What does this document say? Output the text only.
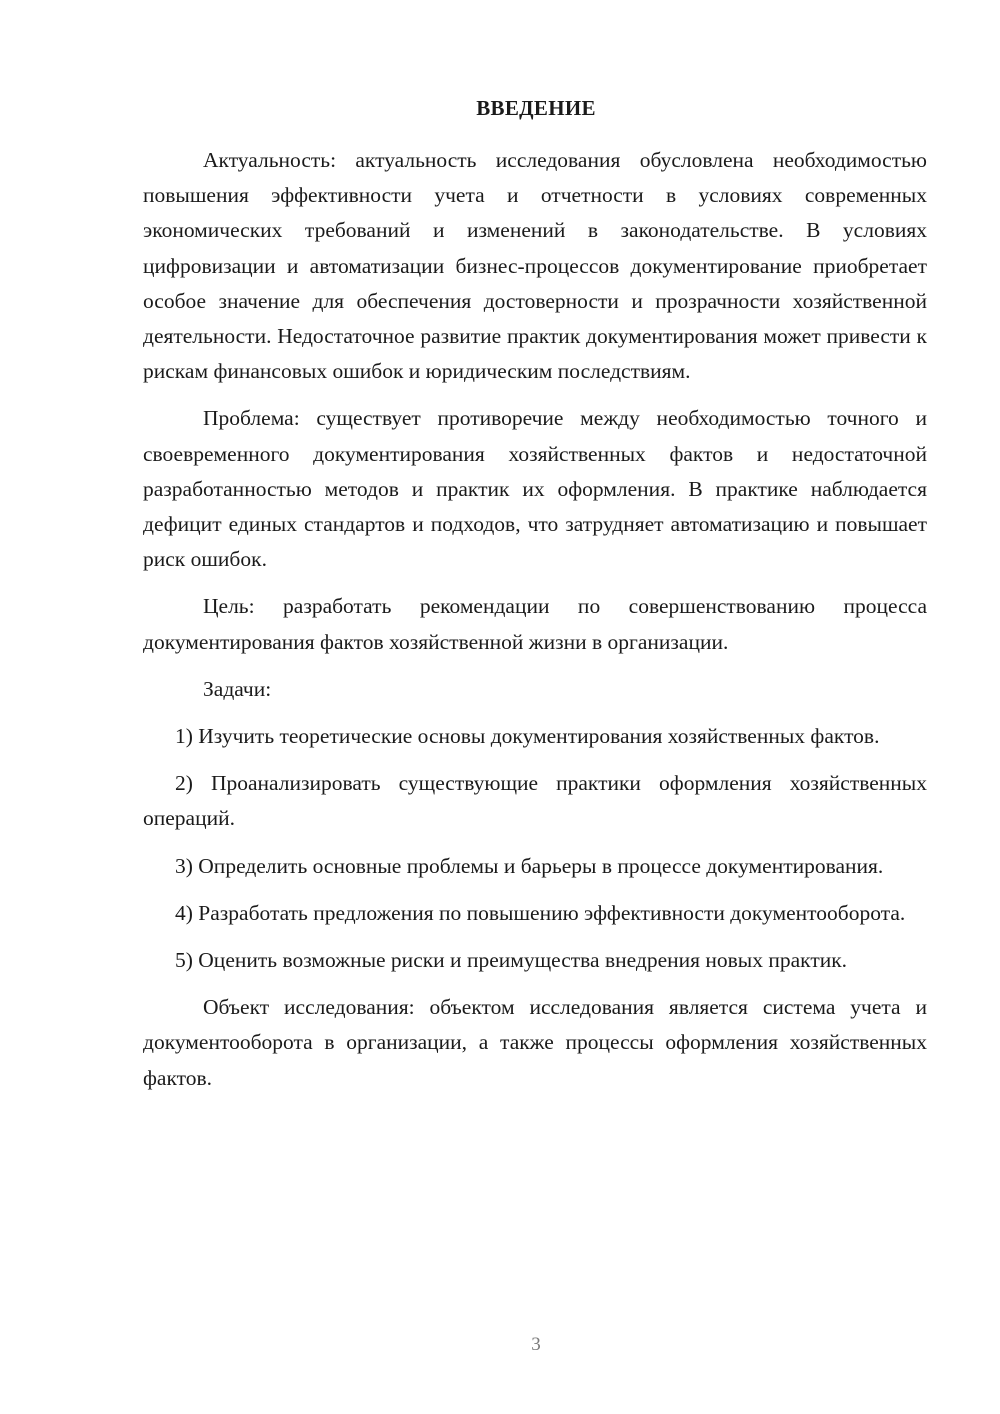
ВВЕДЕНИЕ

Актуальность: актуальность исследования обусловлена необходимостью повышения эффективности учета и отчетности в условиях современных экономических требований и изменений в законодательстве. В условиях цифровизации и автоматизации бизнес-процессов документирование приобретает особое значение для обеспечения достоверности и прозрачности хозяйственной деятельности. Недостаточное развитие практик документирования может привести к рискам финансовых ошибок и юридическим последствиям.

Проблема: существует противоречие между необходимостью точного и своевременного документирования хозяйственных фактов и недостаточной разработанностью методов и практик их оформления. В практике наблюдается дефицит единых стандартов и подходов, что затрудняет автоматизацию и повышает риск ошибок.

Цель: разработать рекомендации по совершенствованию процесса документирования фактов хозяйственной жизни в организации.

Задачи:

1) Изучить теоретические основы документирования хозяйственных фактов.

2) Проанализировать существующие практики оформления хозяйственных операций.

3) Определить основные проблемы и барьеры в процессе документирования.

4) Разработать предложения по повышению эффективности документооборота.

5) Оценить возможные риски и преимущества внедрения новых практик.

Объект исследования: объектом исследования является система учета и документооборота в организации, а также процессы оформления хозяйственных фактов.

3
